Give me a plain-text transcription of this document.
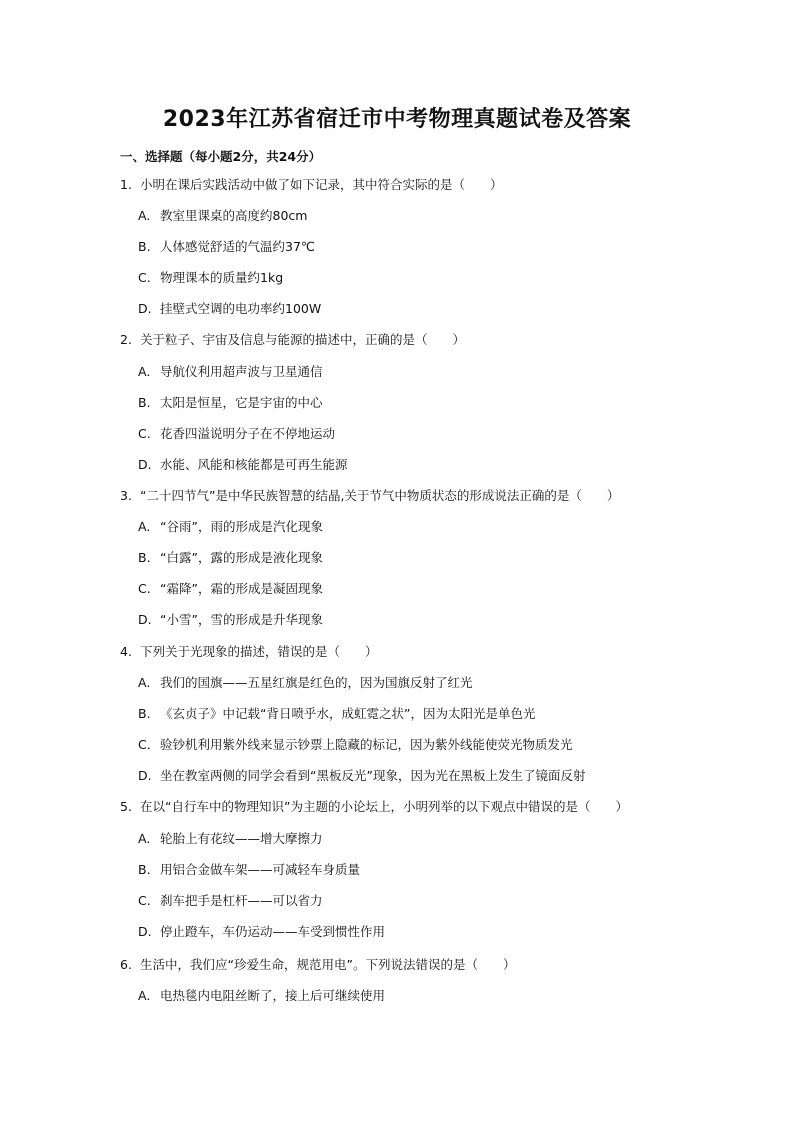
2023年江苏省宿迁市中考物理真题试卷及答案

一、选择题（每小题2分，共24分）

1. 小明在课后实践活动中做了如下记录，其中符合实际的是（　　）

A. 教室里课桌的高度约80cm

B. 人体感觉舒适的气温约37℃

C. 物理课本的质量约1kg

D. 挂壁式空调的电功率约100W

2. 关于粒子、宇宙及信息与能源的描述中，正确的是（　　）

A. 导航仪利用超声波与卫星通信

B. 太阳是恒星，它是宇宙的中心

C. 花香四溢说明分子在不停地运动

D. 水能、风能和核能都是可再生能源

3. “二十四节气”是中华民族智慧的结晶,关于节气中物质状态的形成说法正确的是（　　）

A. “谷雨”，雨的形成是汽化现象

B. “白露”，露的形成是液化现象

C. “霜降”，霜的形成是凝固现象

D. “小雪”，雪的形成是升华现象

4. 下列关于光现象的描述，错误的是（　　）

A. 我们的国旗——五星红旗是红色的，因为国旗反射了红光

B. 《玄贞子》中记载“背日喷乎水，成虹霓之状”，因为太阳光是单色光

C. 验钞机利用紫外线来显示钞票上隐藏的标记，因为紫外线能使荧光物质发光

D. 坐在教室两侧的同学会看到“黑板反光”现象，因为光在黑板上发生了镜面反射

5. 在以“自行车中的物理知识”为主题的小论坛上，小明列举的以下观点中错误的是（　　）

A. 轮胎上有花纹——增大摩擦力

B. 用铝合金做车架——可减轻车身质量

C. 刹车把手是杠杆——可以省力

D. 停止蹬车，车仍运动——车受到惯性作用

6. 生活中，我们应“珍爱生命，规范用电”。下列说法错误的是（　　）

A. 电热毯内电阻丝断了，接上后可继续使用
